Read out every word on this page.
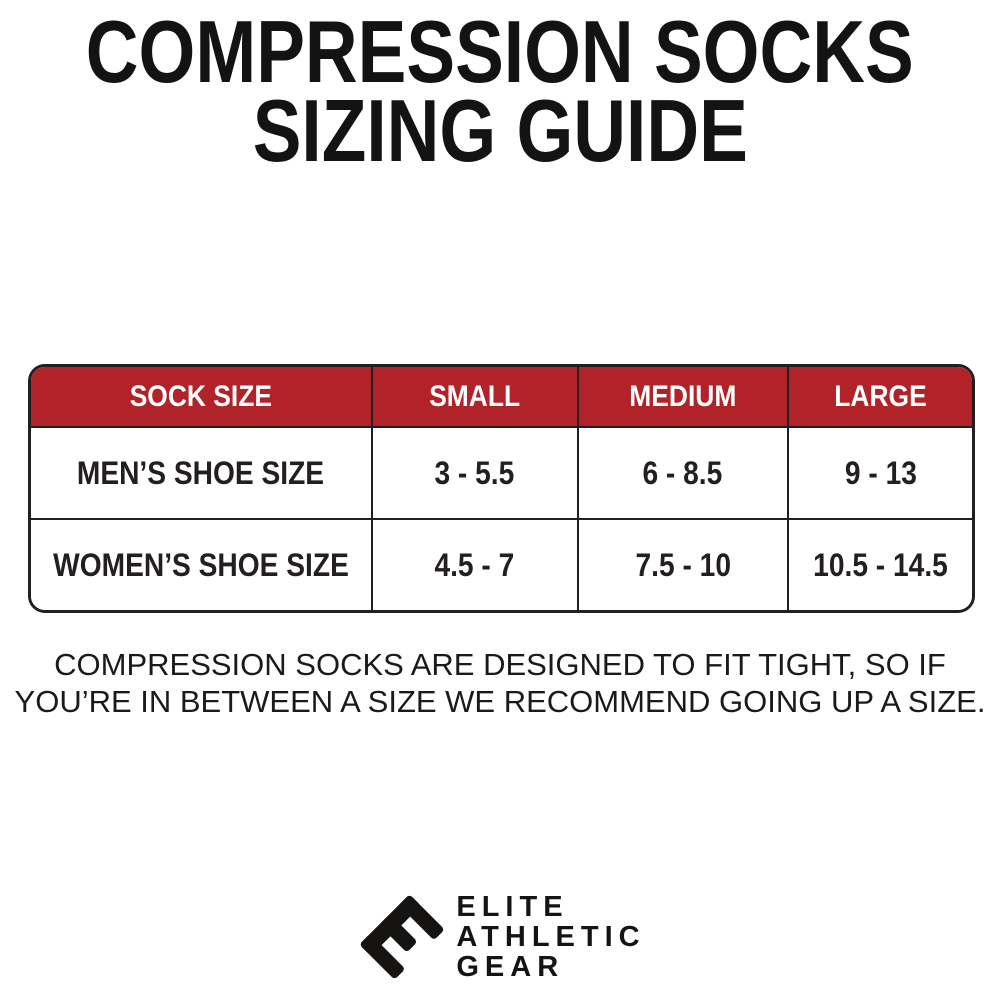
COMPRESSION SOCKS
SIZING GUIDE
SOCK SIZE	SMALL	MEDIUM	LARGE
MEN’S SHOE SIZE	3 - 5.5	6 - 8.5	9 - 13
WOMEN’S SHOE SIZE	4.5 - 7	7.5 - 10	10.5 - 14.5
COMPRESSION SOCKS ARE DESIGNED TO FIT TIGHT, SO IF
YOU’RE IN BETWEEN A SIZE WE RECOMMEND GOING UP A SIZE.
ELITE
ATHLETIC
GEAR
